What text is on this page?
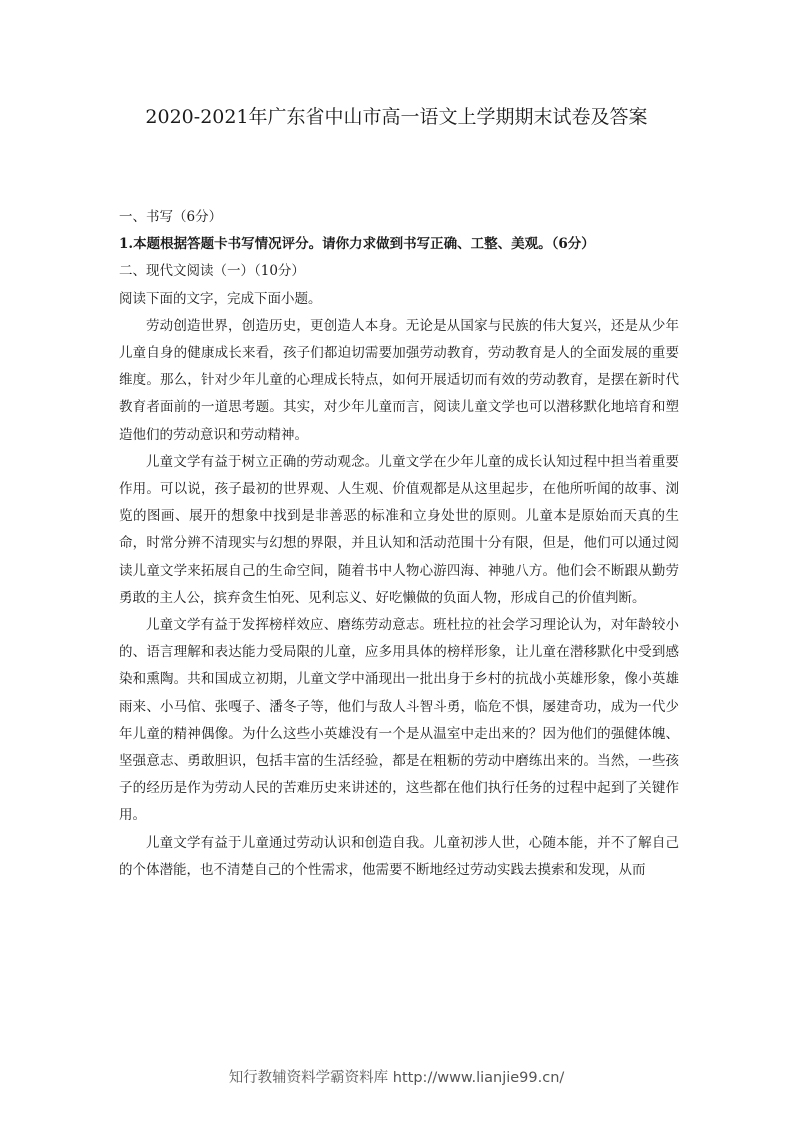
2020-2021年广东省中山市高一语文上学期期末试卷及答案

一、书写（6分）

1.本题根据答题卡书写情况评分。请你力求做到书写正确、工整、美观。（6分）

二、现代文阅读（一）（10分）

阅读下面的文字，完成下面小题。

劳动创造世界，创造历史，更创造人本身。无论是从国家与民族的伟大复兴，还是从少年儿童自身的健康成长来看，孩子们都迫切需要加强劳动教育，劳动教育是人的全面发展的重要维度。那么，针对少年儿童的心理成长特点，如何开展适切而有效的劳动教育，是摆在新时代教育者面前的一道思考题。其实，对少年儿童而言，阅读儿童文学也可以潜移默化地培育和塑造他们的劳动意识和劳动精神。

儿童文学有益于树立正确的劳动观念。儿童文学在少年儿童的成长认知过程中担当着重要作用。可以说，孩子最初的世界观、人生观、价值观都是从这里起步，在他所听闻的故事、浏览的图画、展开的想象中找到是非善恶的标准和立身处世的原则。儿童本是原始而天真的生命，时常分辨不清现实与幻想的界限，并且认知和活动范围十分有限，但是，他们可以通过阅读儿童文学来拓展自己的生命空间，随着书中人物心游四海、神驰八方。他们会不断跟从勤劳勇敢的主人公，摈弃贪生怕死、见利忘义、好吃懒做的负面人物，形成自己的价值判断。

儿童文学有益于发挥榜样效应、磨练劳动意志。班杜拉的社会学习理论认为，对年龄较小的、语言理解和表达能力受局限的儿童，应多用具体的榜样形象，让儿童在潜移默化中受到感染和熏陶。共和国成立初期，儿童文学中涌现出一批出身于乡村的抗战小英雄形象，像小英雄雨来、小马倌、张嘎子、潘冬子等，他们与敌人斗智斗勇，临危不惧，屡建奇功，成为一代少年儿童的精神偶像。为什么这些小英雄没有一个是从温室中走出来的？因为他们的强健体魄、坚强意志、勇敢胆识，包括丰富的生活经验，都是在粗粝的劳动中磨练出来的。当然，一些孩子的经历是作为劳动人民的苦难历史来讲述的，这些都在他们执行任务的过程中起到了关键作用。

儿童文学有益于儿童通过劳动认识和创造自我。儿童初涉人世，心随本能，并不了解自己的个体潜能，也不清楚自己的个性需求，他需要不断地经过劳动实践去摸索和发现，从而

知行教辅资料学霸资料库 http://www.lianjie99.cn/
